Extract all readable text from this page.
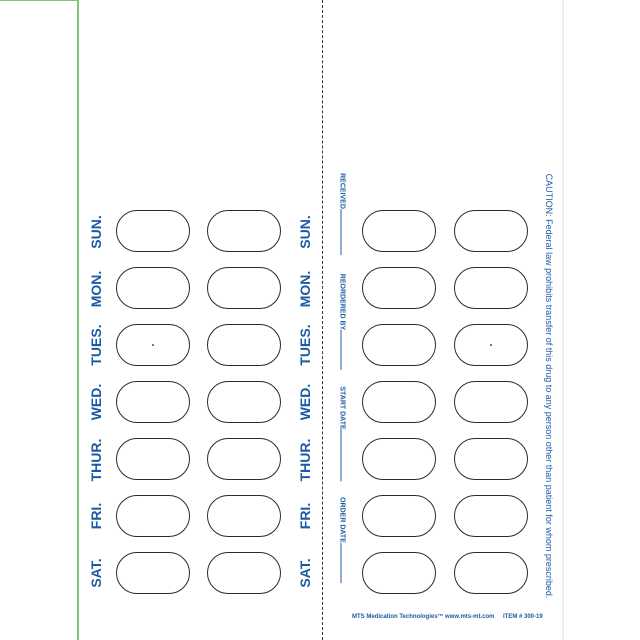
SUN.
MON.
TUES.
WED.
THUR.
FRI.
SAT.
SUN.
MON.
TUES.
WED.
THUR.
FRI.
SAT.
RECEIVED
REORDERED BY
START DATE
ORDER DATE	CAUTION: Federal law prohibits transfer of this drug to any person other than patient for whom prescribed.
MTS Medication Technologies™ www.mts-mt.com ITEM # 300-19
